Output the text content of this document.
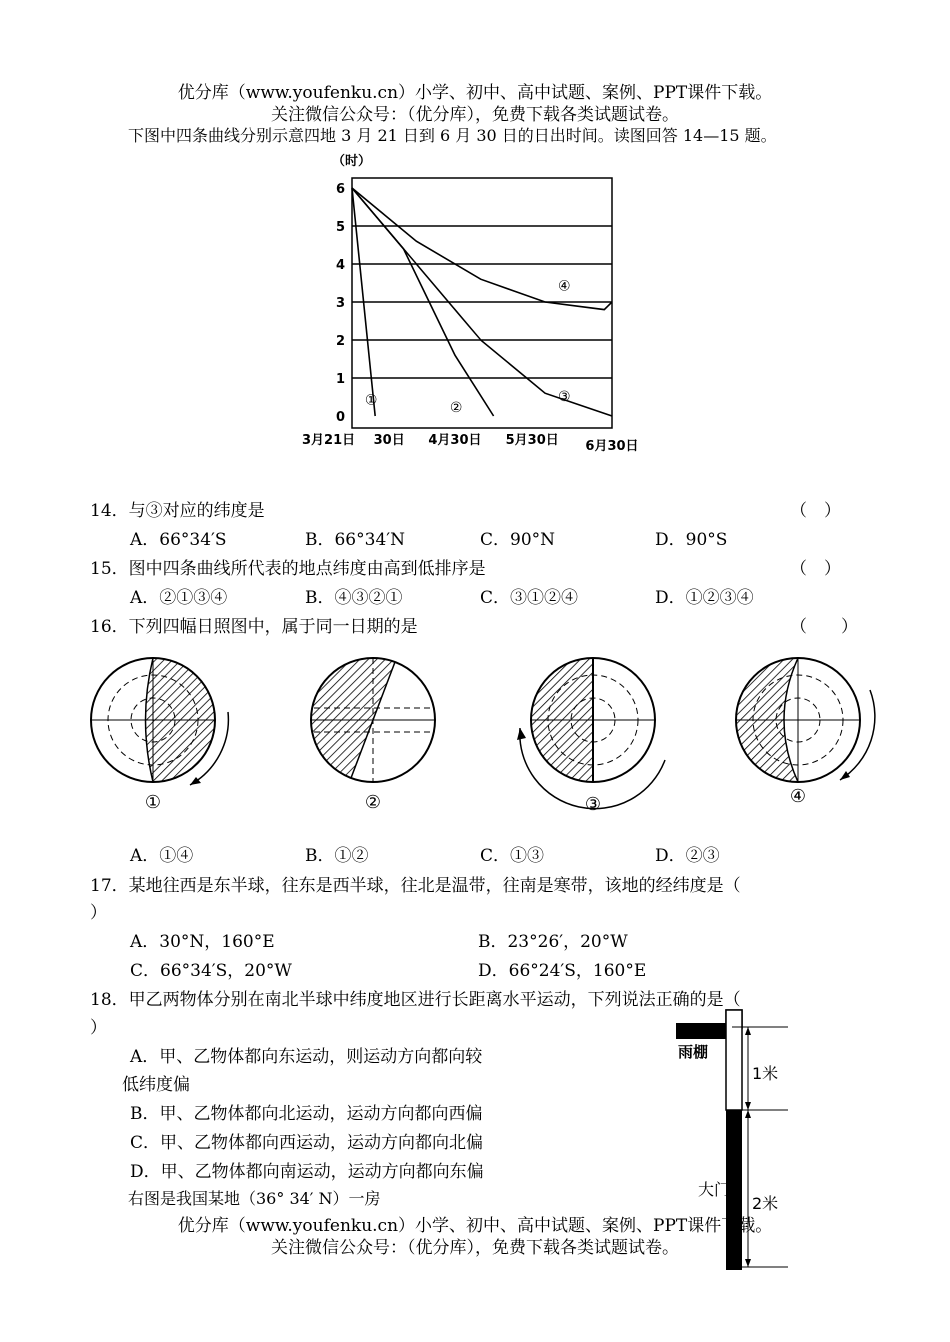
优分库（www.youfenku.cn）小学、初中、高中试题、案例、PPT课件下载。
关注微信公众号：（优分库），免费下载各类试题试卷。
下图中四条曲线分别示意四地 3 月 21 日到 6 月 30 日的日出时间。读图回答 14—15 题。
（时）
6
5
4
3
2
1
0
3月21日 30日 4月30日 5月30日 6月30日
①	②
③
④
14．与③对应的纬度是	（　）
A．66°34′S	B．66°34′N	C．90°N	D．90°S
15．图中四条曲线所代表的地点纬度由高到低排序是	（　）
A．②①③④	B．④③②①	C．③①②④	D．①②③④
16．下列四幅日照图中，属于同一日期的是	（　　）
①	②	③	④
A．①④	B．①②	C．①③	D．②③
17．某地往西是东半球，往东是西半球，往北是温带，往南是寒带，该地的经纬度是（
）
A．30°N，160°E	B．23°26′，20°W
C．66°34′S，20°W	D．66°24′S，160°E
18．甲乙两物体分别在南北半球中纬度地区进行长距离水平运动，下列说法正确的是（
）
A．甲、乙物体都向东运动，则运动方向都向较
低纬度偏
B．甲、乙物体都向北运动，运动方向都向西偏
C．甲、乙物体都向西运动，运动方向都向北偏
D．甲、乙物体都向南运动，运动方向都向东偏
右图是我国某地（36° 34′ N）一房
雨棚
1米
大门
2米
优分库（www.youfenku.cn）小学、初中、高中试题、案例、PPT课件下载。
关注微信公众号：（优分库），免费下载各类试题试卷。
